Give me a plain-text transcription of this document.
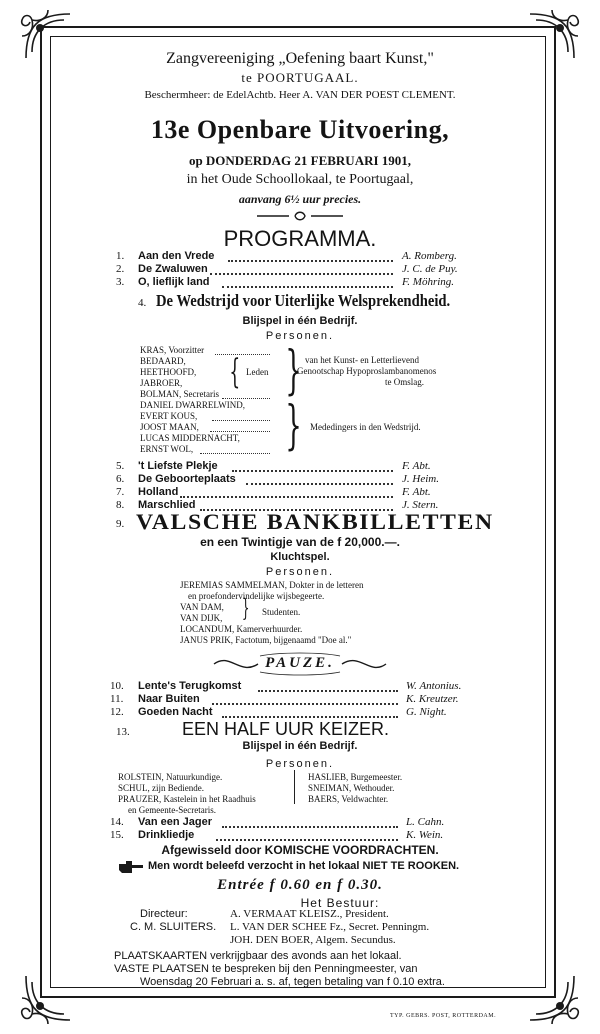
Zangvereeniging „Oefening baart Kunst,"
te POORTUGAAL.
Beschermheer: de EdelAchtb. Heer A. VAN DER POEST CLEMENT.
13e Openbare Uitvoering,
op DONDERDAG 21 FEBRUARI 1901,
in het Oude Schoollokaal, te Poortugaal,
aanvang 6½ uur precies.
PROGRAMMA.
1. Aan den Vrede	A. Romberg.
2. De Zwaluwen	J. C. de Puy.
3. O, lieflijk land	F. Möhring.
4. De Wedstrijd voor Uiterlijke Welsprekendheid.
Blijspel in één Bedrijf.
Personen.
KRAS, Voorzitter
BEDAARD,
HEETHOOFD,
JABROER, { Leden
BOLMAN, Secretaris } van het Kunst- en Letterlievend
Genootschap Hypoproslambanomenos
te Omslag.
DANIEL DWARRELWIND,
EVERT KOUS,
JOOST MAAN,
LUCAS MIDDERNACHT,
ERNST WOL, } Mededingers in den Wedstrijd.
5. 't Liefste Plekje	F. Abt.
6. De Geboorteplaats	J. Heim.
7. Holland	F. Abt.
8. Marschlied	J. Stern.
9. VALSCHE BANKBILLETTEN
en een Twintigje van de f 20,000.—.
Kluchtspel.
Personen.
JEREMIAS SAMMELMAN, Dokter in de letteren
en proefondervindelijke wijsbegeerte.
VAN DAM,
VAN DIJK, } Studenten.
LOCANDUM, Kamerverhuurder.
JANUS PRIK, Factotum, bijgenaamd "Doe al."
PAUZE.
10. Lente's Terugkomst	W. Antonius.
11. Naar Buiten	K. Kreutzer.
12. Goeden Nacht	G. Night.
13.	EEN HALF UUR KEIZER.
Blijspel in één Bedrijf.
Personen.
ROLSTEIN, Natuurkundige.
SCHUL, zijn Bediende.
PRAUZER, Kastelein in het Raadhuis
en Gemeente-Secretaris.
HASLIEB, Burgemeester.
SNEIMAN, Wethouder.
BAERS, Veldwachter.
14. Van een Jager	L. Cahn.
15. Drinkliedje	K. Wein.
Afgewisseld door KOMISCHE VOORDRACHTEN.
Men wordt beleefd verzocht in het lokaal NIET TE ROOKEN.
Entrée f 0.60 en f 0.30.
Het Bestuur:
Directeur:
C. M. SLUITERS.
A. VERMAAT KLEISZ., President.
L. VAN DER SCHEE Fz., Secret. Penningm.
JOH. DEN BOER, Algem. Secundus.
PLAATSKAARTEN verkrijgbaar des avonds aan het lokaal.
VASTE PLAATSEN te bespreken bij den Penningmeester, van
Woensdag 20 Februari a. s. af, tegen betaling van f 0.10 extra.
TYP. GEBRS. POST, ROTTERDAM.
